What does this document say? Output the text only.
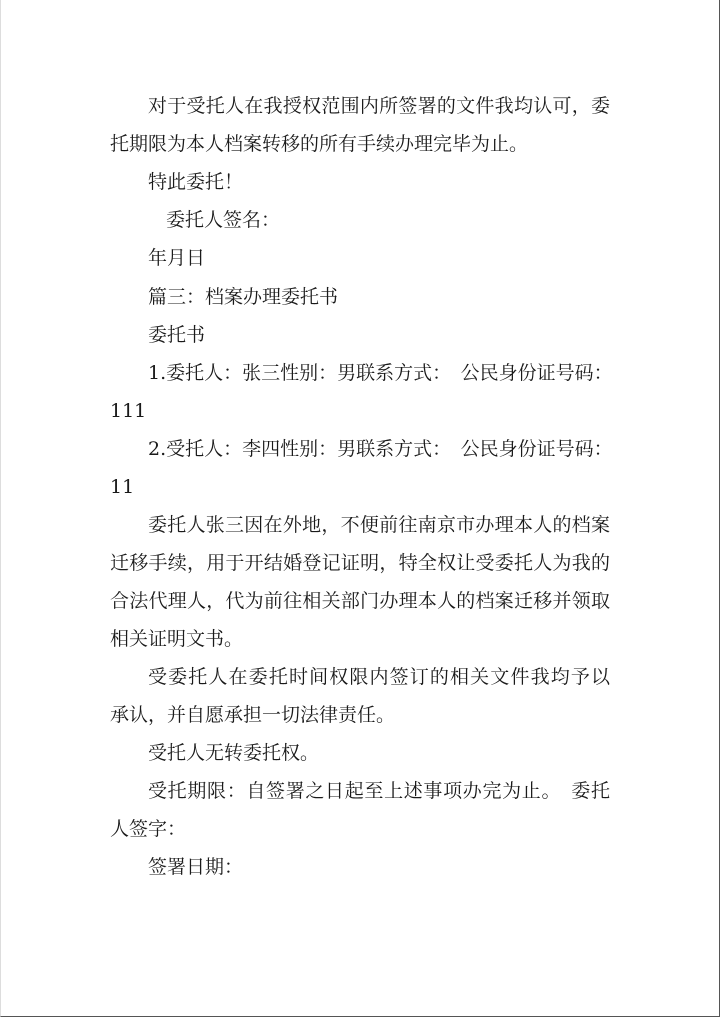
对于受托人在我授权范围内所签署的文件我均认可，委
托期限为本人档案转移的所有手续办理完毕为止。
特此委托！
委托人签名：
年月日
篇三：档案办理委托书
委托书
1.委托人：张三性别：男联系方式：　公民身份证号码：
111
2.受托人：李四性别：男联系方式：　公民身份证号码：
11
委托人张三因在外地，不便前往南京市办理本人的档案
迁移手续，用于开结婚登记证明，特全权让受委托人为我的
合法代理人，代为前往相关部门办理本人的档案迁移并领取
相关证明文书。
受委托人在委托时间权限内签订的相关文件我均予以
承认，并自愿承担一切法律责任。
受托人无转委托权。
受托期限：自签署之日起至上述事项办完为止。　委托
人签字：
签署日期：
